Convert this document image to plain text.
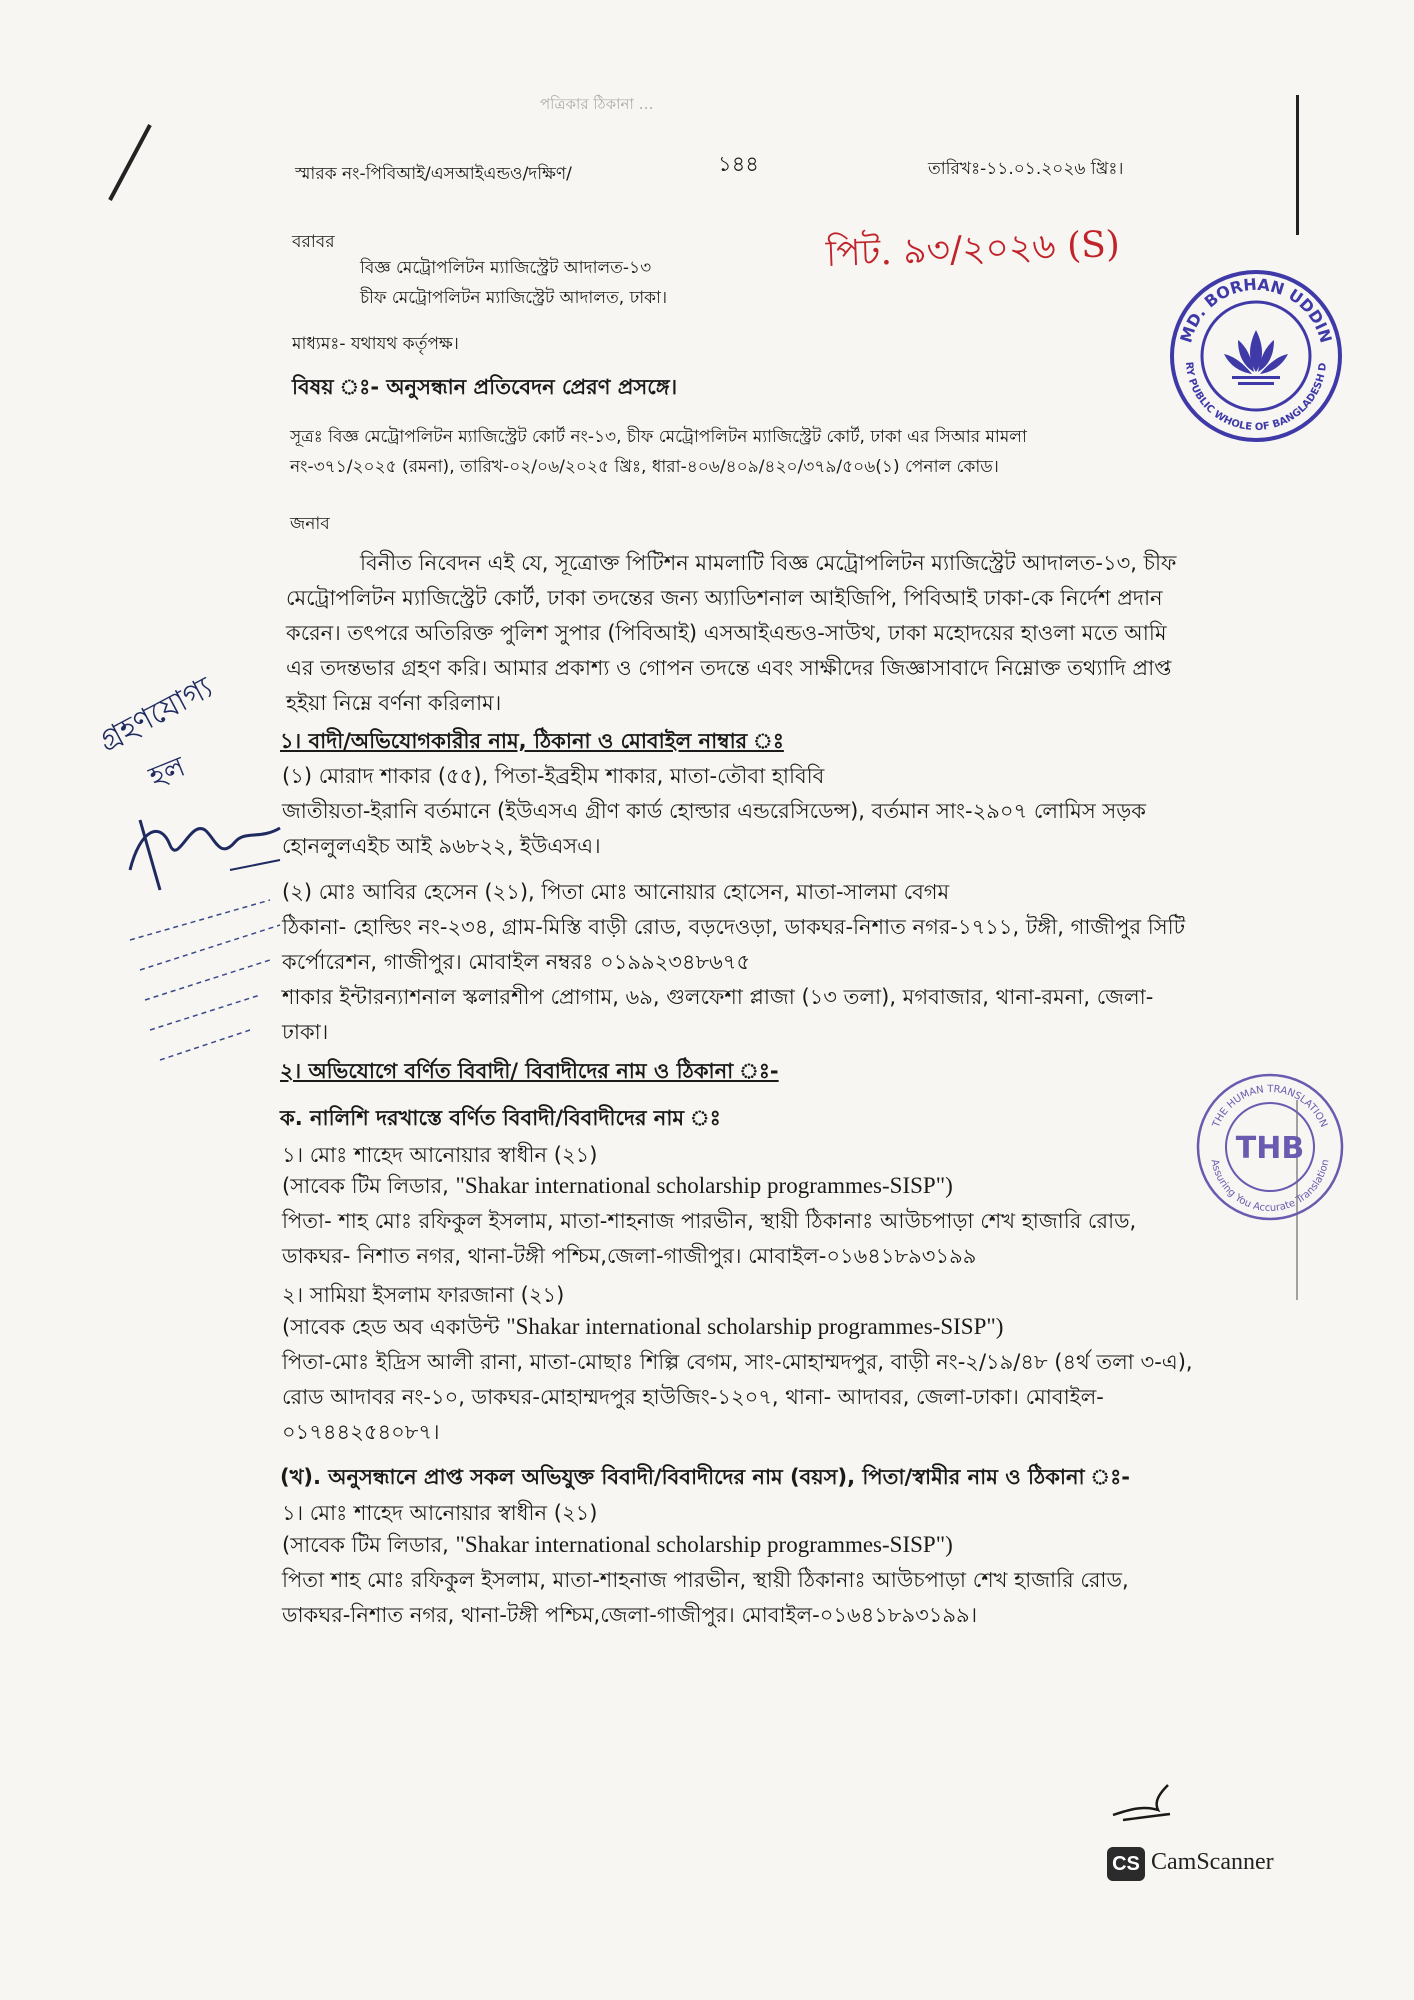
পত্রিকার ঠিকানা …
স্মারক নং-পিবিআই/এসআইএন্ডও/দক্ষিণ/	১৪৪	তারিখঃ-১১.০১.২০২৬ খ্রিঃ।
পিট. ৯৩/২০২৬ (S)
বরাবর
বিজ্ঞ মেট্রোপলিটন ম্যাজিস্ট্রেট আদালত-১৩
চীফ মেট্রোপলিটন ম্যাজিস্ট্রেট আদালত, ঢাকা।
মাধ্যমঃ- যথাযথ কর্তৃপক্ষ।
বিষয় ঃ- অনুসন্ধান প্রতিবেদন প্রেরণ প্রসঙ্গে।
সূত্রঃ বিজ্ঞ মেট্রোপলিটন ম্যাজিস্ট্রেট কোর্ট নং-১৩, চীফ মেট্রোপলিটন ম্যাজিস্ট্রেট কোর্ট, ঢাকা এর সিআর মামলা
নং-৩৭১/২০২৫ (রমনা), তারিখ-০২/০৬/২০২৫ খ্রিঃ, ধারা-৪০৬/৪০৯/৪২০/৩৭৯/৫০৬(১) পেনাল কোড।
জনাব
বিনীত নিবেদন এই যে, সূত্রোক্ত পিটিশন মামলাটি বিজ্ঞ মেট্রোপলিটন ম্যাজিস্ট্রেট আদালত-১৩, চীফ
মেট্রোপলিটন ম্যাজিস্ট্রেট কোর্ট, ঢাকা তদন্তের জন্য অ্যাডিশনাল আইজিপি, পিবিআই ঢাকা-কে নির্দেশ প্রদান
করেন। তৎপরে অতিরিক্ত পুলিশ সুপার (পিবিআই) এসআইএন্ডও-সাউথ, ঢাকা মহোদয়ের হাওলা মতে আমি
এর তদন্তভার গ্রহণ করি। আমার প্রকাশ্য ও গোপন তদন্তে এবং সাক্ষীদের জিজ্ঞাসাবাদে নিম্নোক্ত তথ্যাদি প্রাপ্ত
হইয়া নিম্নে বর্ণনা করিলাম।
১। বাদী/অভিযোগকারীর নাম, ঠিকানা ও মোবাইল নাম্বার ঃ
(১) মোরাদ শাকার (৫৫), পিতা-ইব্রহীম শাকার, মাতা-তৌবা হাবিবি
জাতীয়তা-ইরানি বর্তমানে (ইউএসএ গ্রীণ কার্ড হোল্ডার এন্ডরেসিডেন্স), বর্তমান সাং-২৯০৭ লোমিস সড়ক
হোনলুলএইচ আই ৯৬৮২২, ইউএসএ।
(২) মোঃ আবির হেসেন (২১), পিতা মোঃ আনোয়ার হোসেন, মাতা-সালমা বেগম
ঠিকানা- হোল্ডিং নং-২৩৪, গ্রাম-মিস্তি বাড়ী রোড, বড়দেওড়া, ডাকঘর-নিশাত নগর-১৭১১, টঙ্গী, গাজীপুর সিটি
কর্পোরেশন, গাজীপুর। মোবাইল নম্বরঃ ০১৯৯২৩৪৮৬৭৫
শাকার ইন্টারন্যাশনাল স্কলারশীপ প্রোগাম, ৬৯, গুলফেশা প্লাজা (১৩ তলা), মগবাজার, থানা-রমনা, জেলা-
ঢাকা।
২। অভিযোগে বর্ণিত বিবাদী/ বিবাদীদের নাম ও ঠিকানা ঃ-
ক. নালিশি দরখাস্তে বর্ণিত বিবাদী/বিবাদীদের নাম ঃ
১। মোঃ শাহেদ আনোয়ার স্বাধীন (২১)
(সাবেক টিম লিডার, "Shakar international scholarship programmes-SISP")
পিতা- শাহ মোঃ রফিকুল ইসলাম, মাতা-শাহনাজ পারভীন, স্থায়ী ঠিকানাঃ আউচপাড়া শেখ হাজারি রোড,
ডাকঘর- নিশাত নগর, থানা-টঙ্গী পশ্চিম,জেলা-গাজীপুর। মোবাইল-০১৬৪১৮৯৩১৯৯
২। সামিয়া ইসলাম ফারজানা (২১)
(সাবেক হেড অব একাউন্ট "Shakar international scholarship programmes-SISP")
পিতা-মোঃ ইদ্রিস আলী রানা, মাতা-মোছাঃ শিল্পি বেগম, সাং-মোহাম্মদপুর, বাড়ী নং-২/১৯/৪৮ (৪র্থ তলা ৩-এ),
রোড আদাবর নং-১০, ডাকঘর-মোহাম্মদপুর হাউজিং-১২০৭, থানা- আদাবর, জেলা-ঢাকা। মোবাইল-
০১৭৪৪২৫৪০৮৭।
(খ). অনুসন্ধানে প্রাপ্ত সকল অভিযুক্ত বিবাদী/বিবাদীদের নাম (বয়স), পিতা/স্বামীর নাম ও ঠিকানা ঃ-
১। মোঃ শাহেদ আনোয়ার স্বাধীন (২১)
(সাবেক টিম লিডার, "Shakar international scholarship programmes-SISP")
পিতা শাহ মোঃ রফিকুল ইসলাম, মাতা-শাহনাজ পারভীন, স্থায়ী ঠিকানাঃ আউচপাড়া শেখ হাজারি রোড,
ডাকঘর-নিশাত নগর, থানা-টঙ্গী পশ্চিম,জেলা-গাজীপুর। মোবাইল-০১৬৪১৮৯৩১৯৯।
MD. BORHAN UDDIN
NOTARY PUBLIC WHOLE OF BANGLADESH DHAKA
THE HUMAN TRANSLATION
Assuring You Accurate Translation
THB
গ্রহণযোগ্য
হল
CS CamScanner
